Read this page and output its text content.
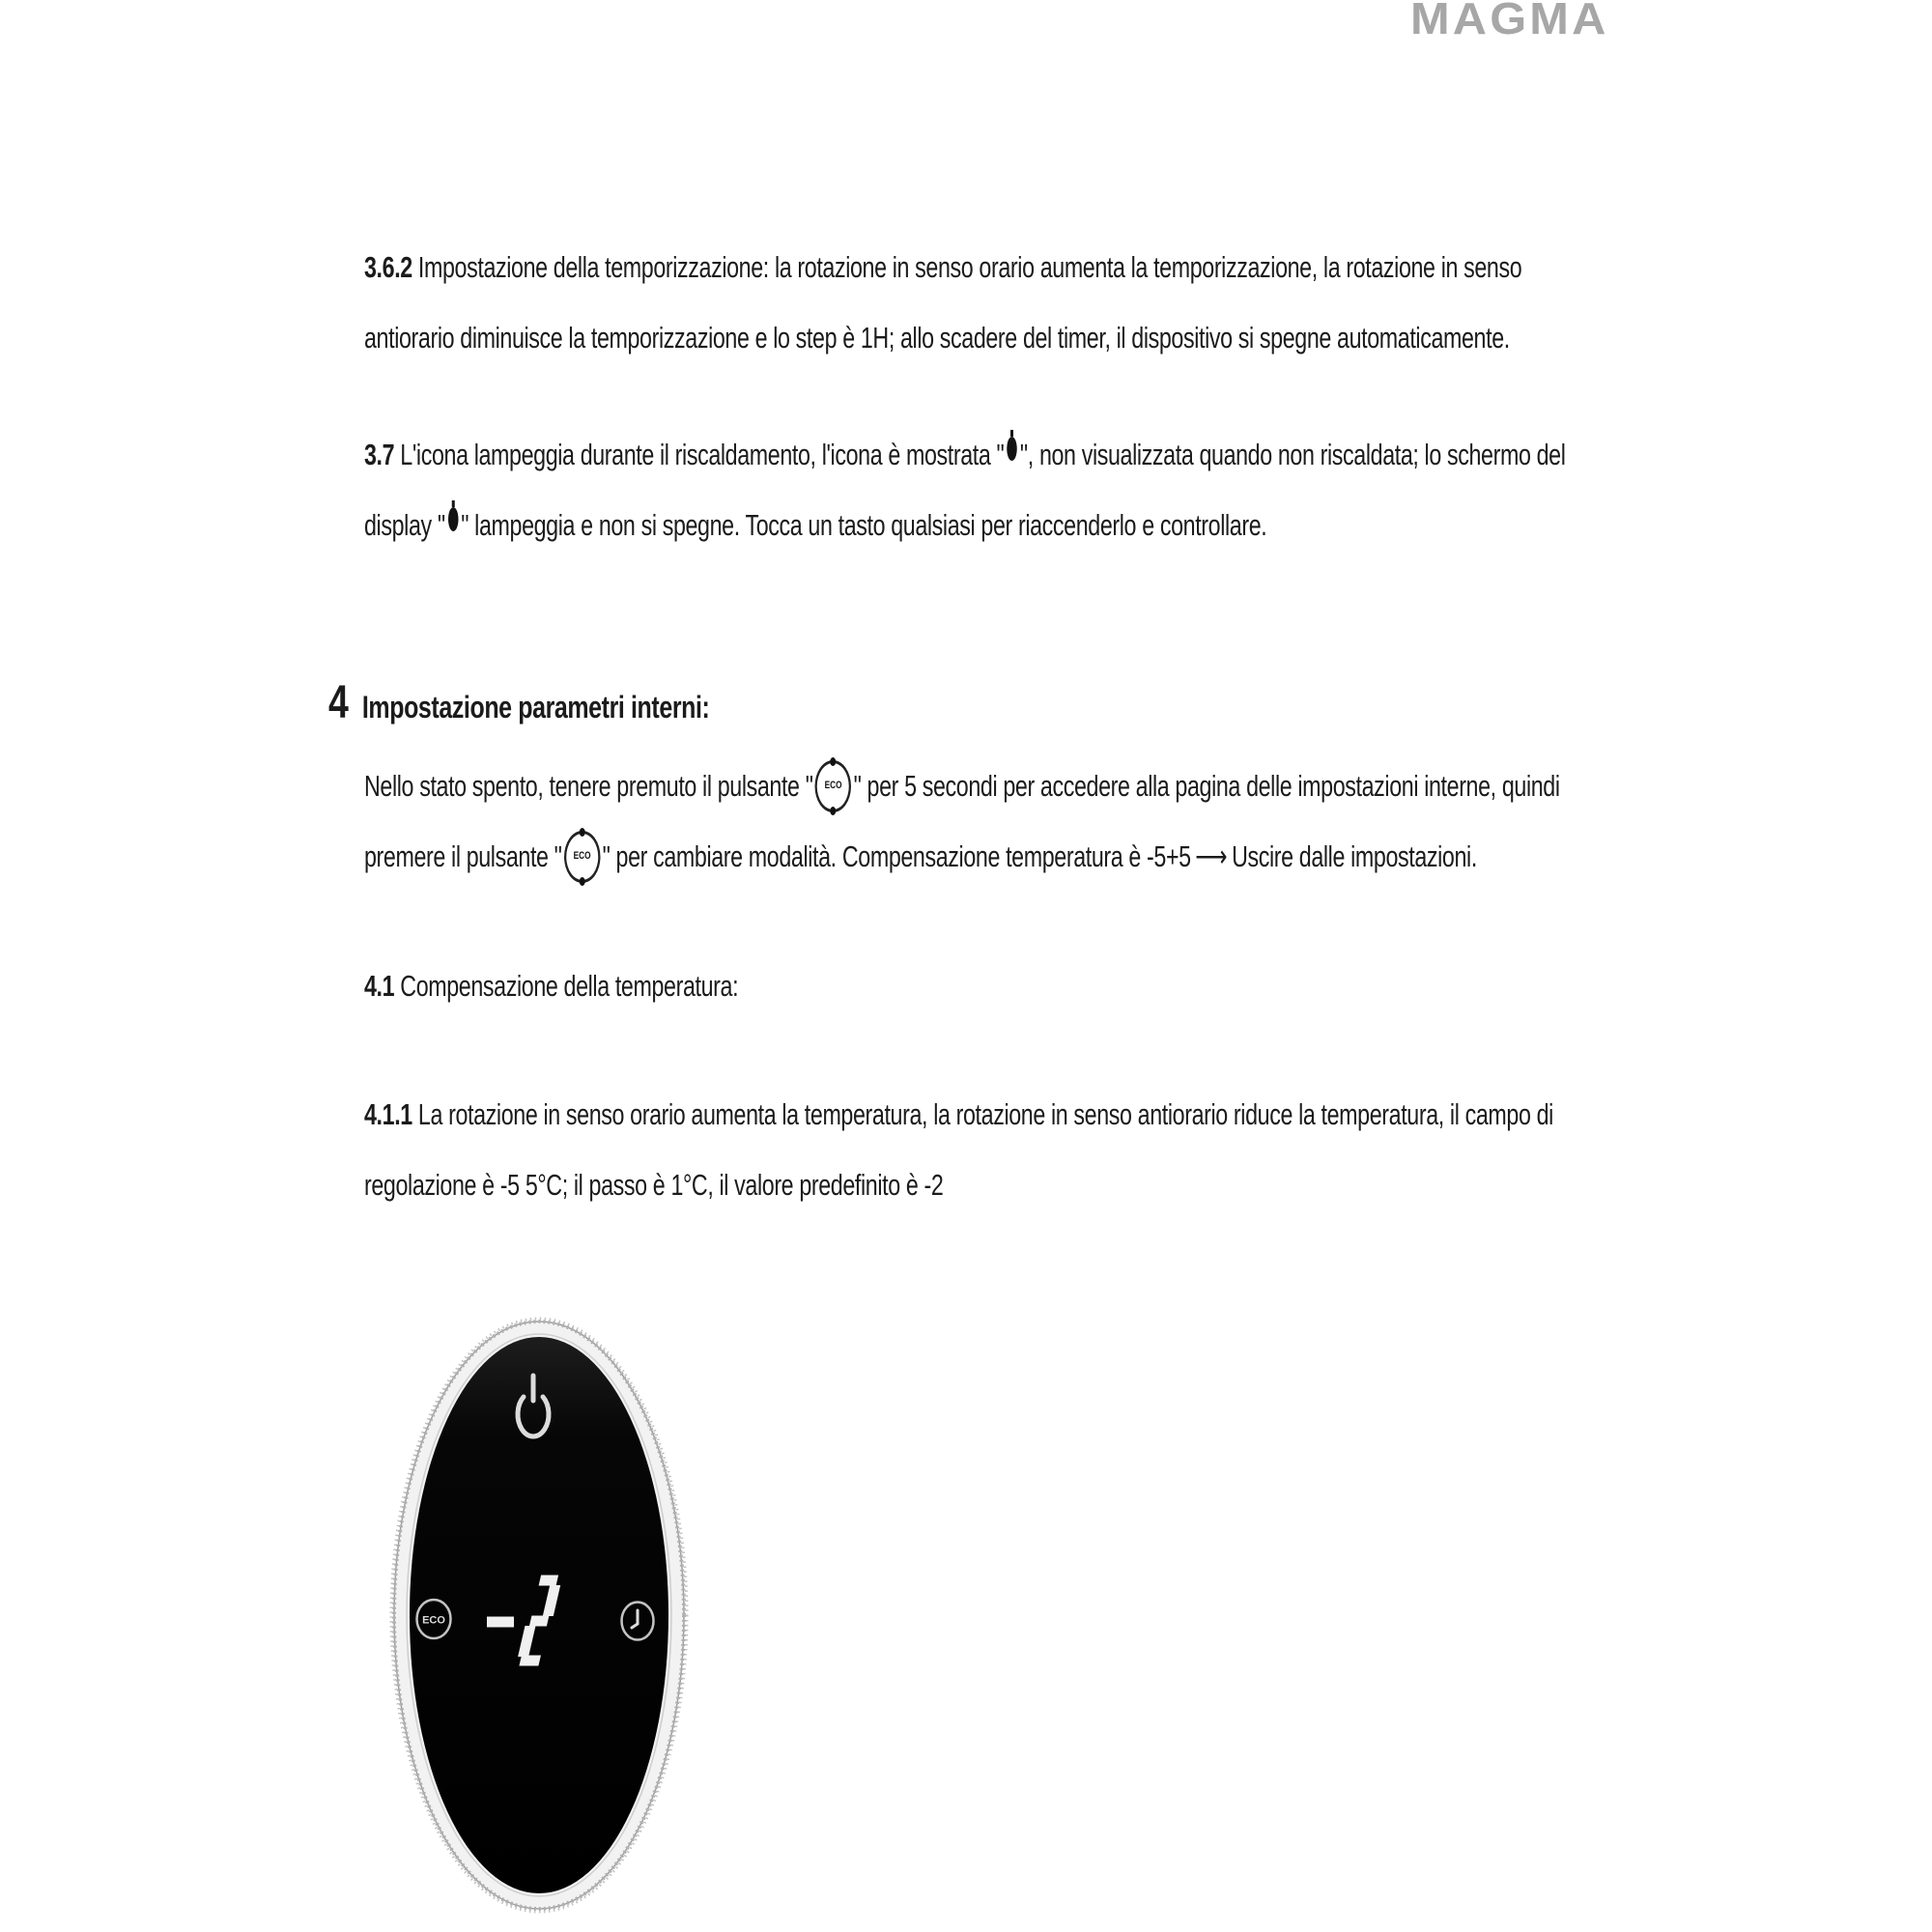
MAGMA
3.6.2 Impostazione della temporizzazione: la rotazione in senso orario aumenta la temporizzazione, la rotazione in senso
antiorario diminuisce la temporizzazione e lo step è 1H; allo scadere del timer, il dispositivo si spegne automaticamente.
3.7 L'icona lampeggia durante il riscaldamento, l'icona è mostrata " ", non visualizzata quando non riscaldata; lo schermo del
display " " lampeggia e non si spegne. Tocca un tasto qualsiasi per riaccenderlo e controllare.
Nello stato spento, tenere premuto il pulsante " ECO " per 5 secondi per accedere alla pagina delle impostazioni interne, quindi
premere il pulsante " ECO " per cambiare modalità. Compensazione temperatura è -5+5 ⟶ Uscire dalle impostazioni.
4.1 Compensazione della temperatura:
4.1.1 La rotazione in senso orario aumenta la temperatura, la rotazione in senso antiorario riduce la temperatura, il campo di
regolazione è -5 5°C; il passo è 1°C, il valore predefinito è -2
4 Impostazione parametri interni:
ECO
